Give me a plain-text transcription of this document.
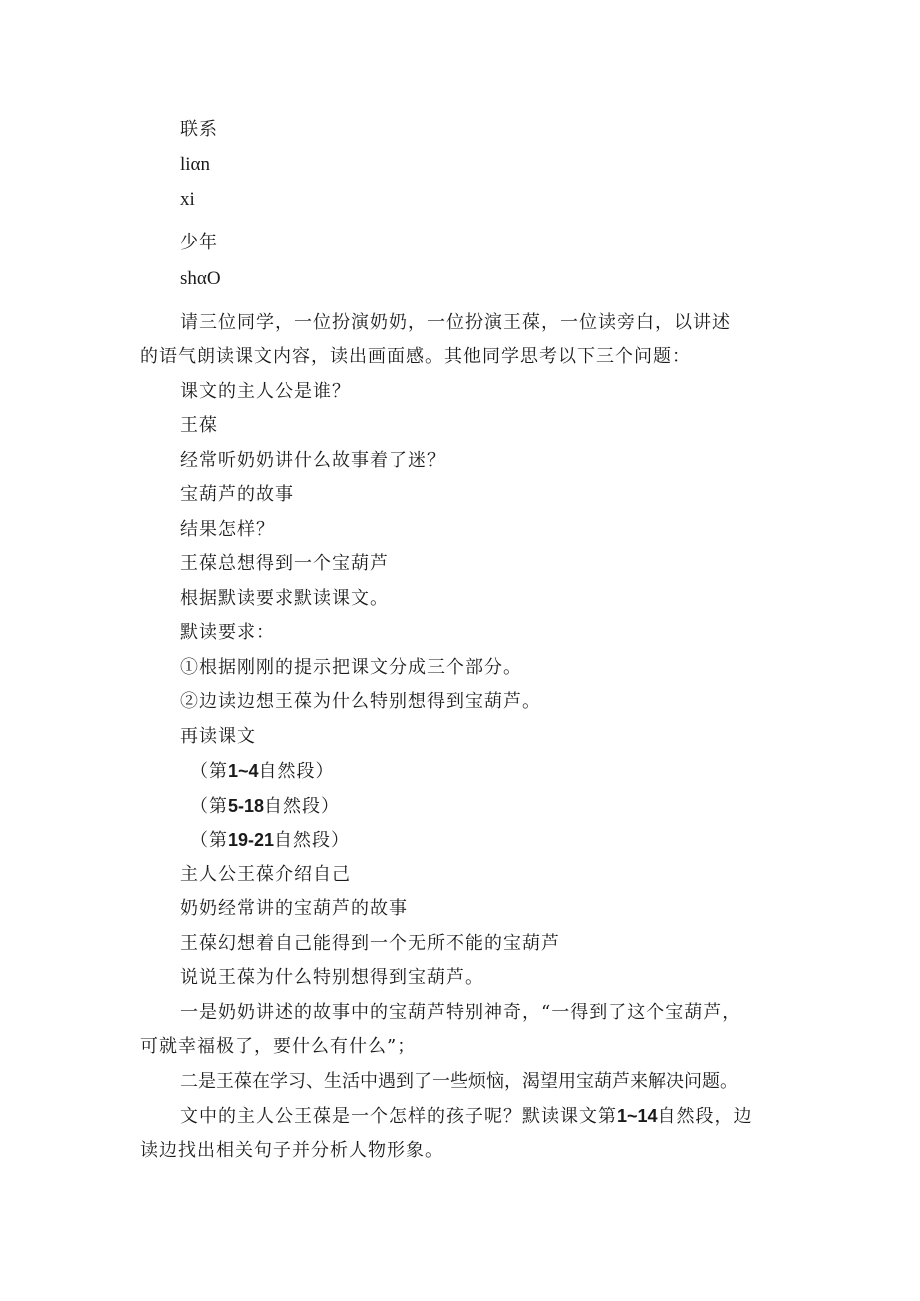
联系
liαn
xi
少年
shαO
请三位同学，一位扮演奶奶，一位扮演王葆，一位读旁白，以讲述
的语气朗读课文内容，读出画面感。其他同学思考以下三个问题：
课文的主人公是谁？
王葆
经常听奶奶讲什么故事着了迷？
宝葫芦的故事
结果怎样？
王葆总想得到一个宝葫芦
根据默读要求默读课文。
默读要求：
①根据刚刚的提示把课文分成三个部分。
②边读边想王葆为什么特别想得到宝葫芦。
再读课文
（第1~4自然段）
（第5-18自然段）
（第19-21自然段）
主人公王葆介绍自己
奶奶经常讲的宝葫芦的故事
王葆幻想着自己能得到一个无所不能的宝葫芦
说说王葆为什么特别想得到宝葫芦。
一是奶奶讲述的故事中的宝葫芦特别神奇，“一得到了这个宝葫芦，
可就幸福极了，要什么有什么”；
二是王葆在学习、生活中遇到了一些烦恼，渴望用宝葫芦来解决问题。
文中的主人公王葆是一个怎样的孩子呢？默读课文第1~14自然段，边
读边找出相关句子并分析人物形象。
